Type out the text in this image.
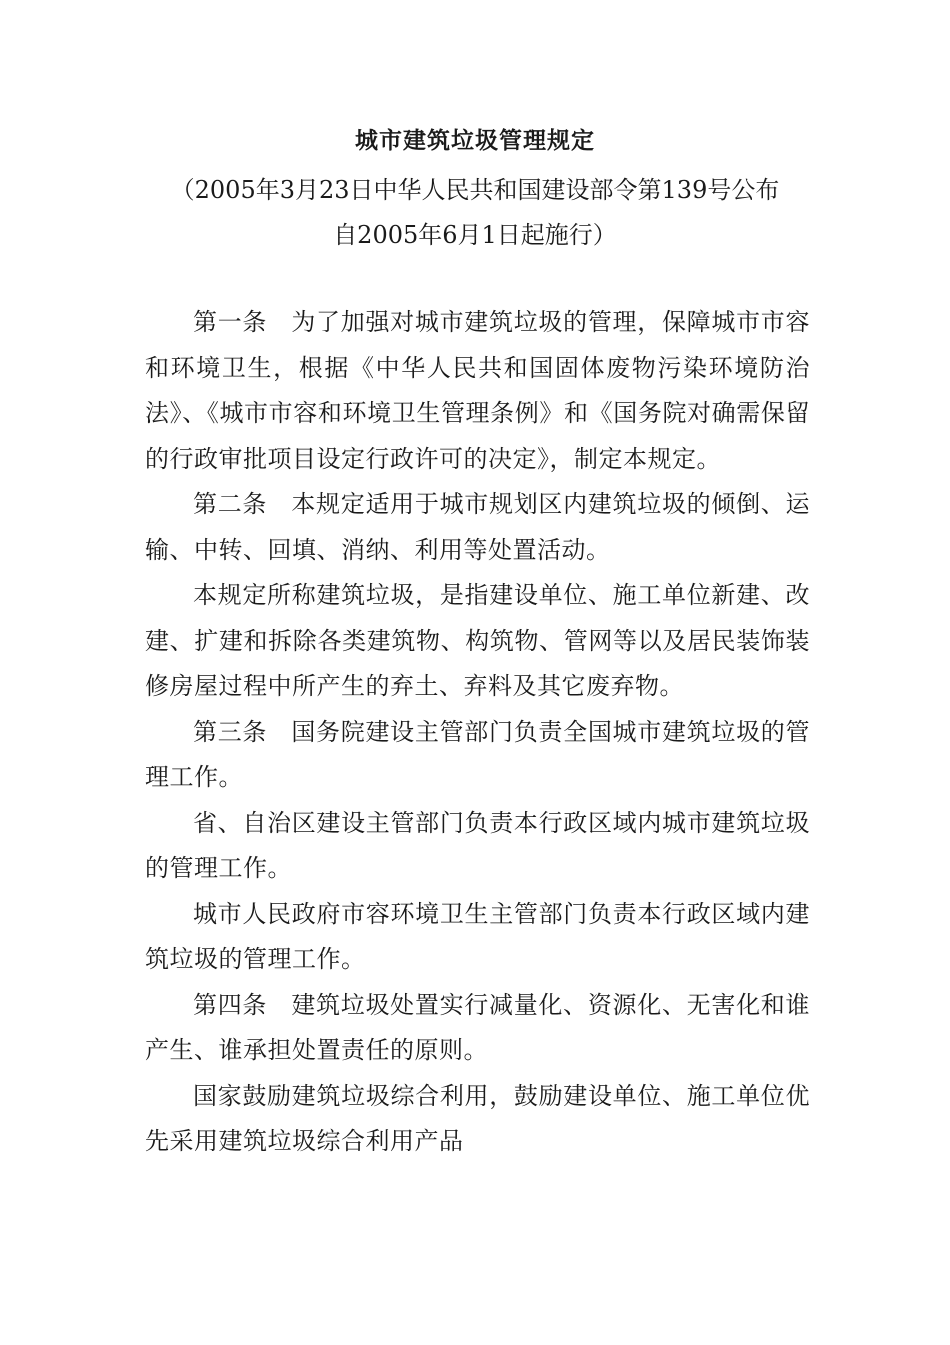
城市建筑垃圾管理规定
（2005年3月23日中华人民共和国建设部令第139号公布
自2005年6月1日起施行）

第一条 为了加强对城市建筑垃圾的管理，保障城市市容和环境卫生，根据《中华人民共和国固体废物污染环境防治法》、《城市市容和环境卫生管理条例》和《国务院对确需保留的行政审批项目设定行政许可的决定》，制定本规定。

第二条 本规定适用于城市规划区内建筑垃圾的倾倒、运输、中转、回填、消纳、利用等处置活动。

本规定所称建筑垃圾，是指建设单位、施工单位新建、改建、扩建和拆除各类建筑物、构筑物、管网等以及居民装饰装修房屋过程中所产生的弃土、弃料及其它废弃物。

第三条 国务院建设主管部门负责全国城市建筑垃圾的管理工作。

省、自治区建设主管部门负责本行政区域内城市建筑垃圾的管理工作。

城市人民政府市容环境卫生主管部门负责本行政区域内建筑垃圾的管理工作。

第四条 建筑垃圾处置实行减量化、资源化、无害化和谁产生、谁承担处置责任的原则。

国家鼓励建筑垃圾综合利用，鼓励建设单位、施工单位优先采用建筑垃圾综合利用产品
